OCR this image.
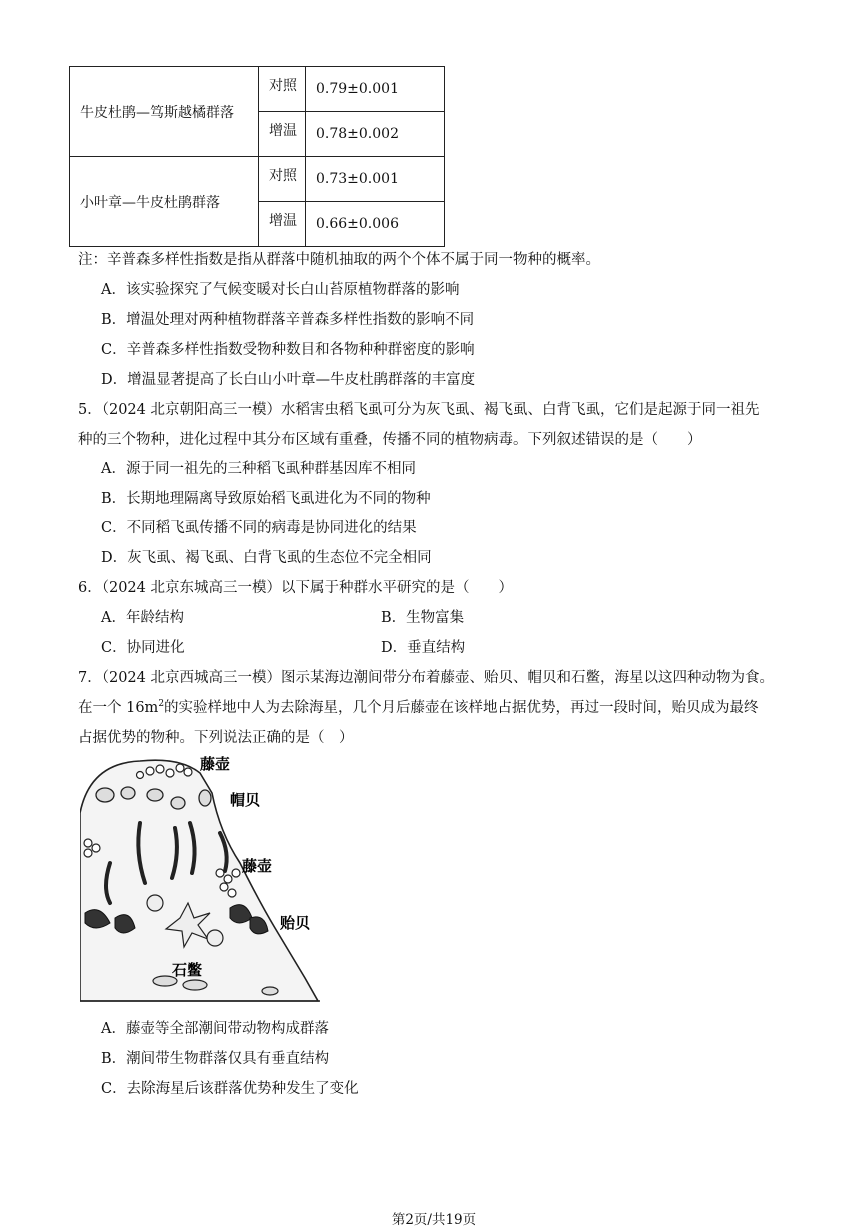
牛皮杜鹃—笃斯越橘群落	对照	0.79±0.001
	增温	0.78±0.002
小叶章—牛皮杜鹃群落	对照	0.73±0.001
	增温	0.66±0.006
注：辛普森多样性指数是指从群落中随机抽取的两个个体不属于同一物种的概率。
A．该实验探究了气候变暖对长白山苔原植物群落的影响
B．增温处理对两种植物群落辛普森多样性指数的影响不同
C．辛普森多样性指数受物种数目和各物种种群密度的影响
D．增温显著提高了长白山小叶章—牛皮杜鹃群落的丰富度
5．（2024 北京朝阳高三一模）水稻害虫稻飞虱可分为灰飞虱、褐飞虱、白背飞虱，它们是起源于同一祖先
种的三个物种，进化过程中其分布区域有重叠，传播不同的植物病毒。下列叙述错误的是（　　）
A．源于同一祖先的三种稻飞虱种群基因库不相同
B．长期地理隔离导致原始稻飞虱进化为不同的物种
C．不同稻飞虱传播不同的病毒是协同进化的结果
D．灰飞虱、褐飞虱、白背飞虱的生态位不完全相同
6．（2024 北京东城高三一模）以下属于种群水平研究的是（　　）
A．年龄结构	B．生物富集
C．协同进化	D．垂直结构
7．（2024 北京西城高三一模）图示某海边潮间带分布着藤壶、贻贝、帽贝和石鳖，海星以这四种动物为食。
在一个 $16m^2$的实验样地中人为去除海星，几个月后藤壶在该样地占据优势，再过一段时间，贻贝成为最终
占据优势的物种。下列说法正确的是（　）
藤壶
帽贝
藤壶
贻贝
石鳖
A．藤壶等全部潮间带动物构成群落
B．潮间带生物群落仅具有垂直结构
C．去除海星后该群落优势种发生了变化
第2页/共19页
